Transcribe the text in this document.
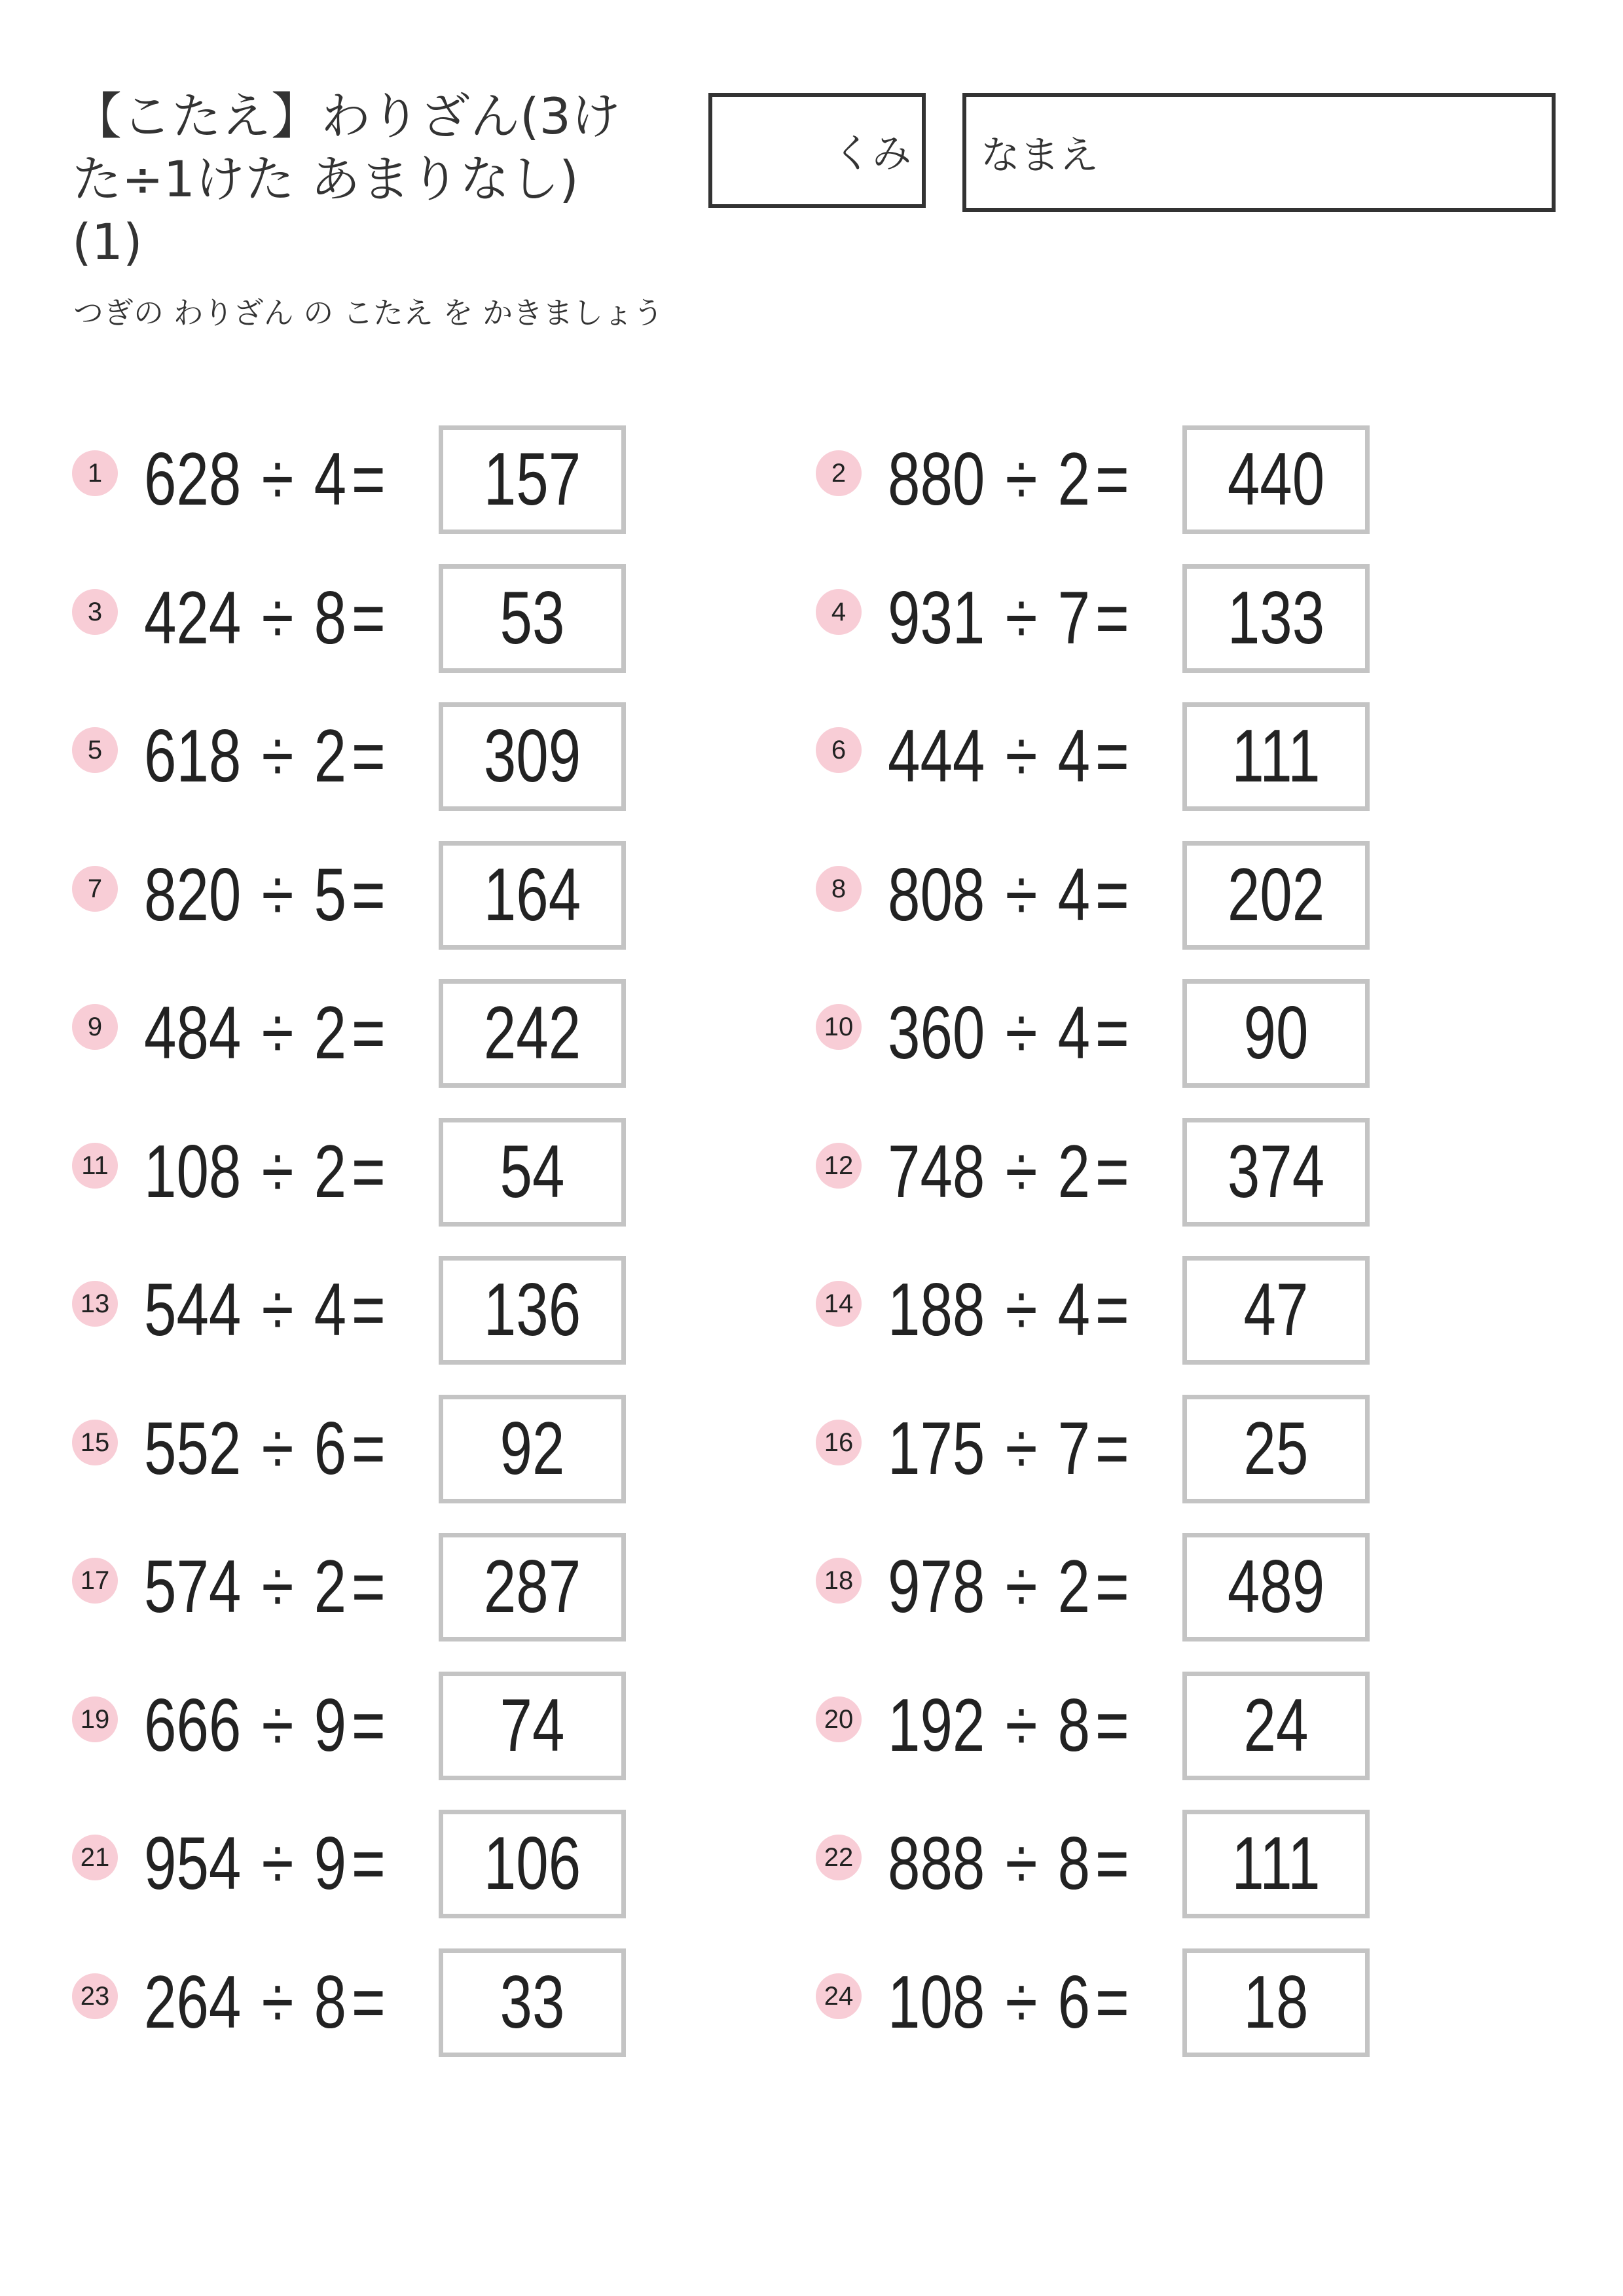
【こたえ】わりざん(3け
た÷1けた あまりなし)
(1)
つぎの わりざん の こたえ を かきましょう
くみ なまえ
1 628 ÷ 4= 157	2 880 ÷ 2= 440
3 424 ÷ 8=	53	4 931 ÷ 7= 133
5 618 ÷ 2= 309	6 444 ÷ 4=	111
7 820 ÷ 5= 164	8 808 ÷ 4= 202
9 484 ÷ 2= 242	10 360 ÷ 4=	90
11 108 ÷ 2=	54	12 748 ÷ 2= 374
13 544 ÷ 4= 136	14 188 ÷ 4=	47
15 552 ÷ 6=	92	16 175 ÷ 7=	25
17 574 ÷ 2= 287	18 978 ÷ 2= 489
19 666 ÷ 9=	74	20 192 ÷ 8=	24
21 954 ÷ 9= 106	22 888 ÷ 8=	111
23 264 ÷ 8=	33	24 108 ÷ 6=	18
